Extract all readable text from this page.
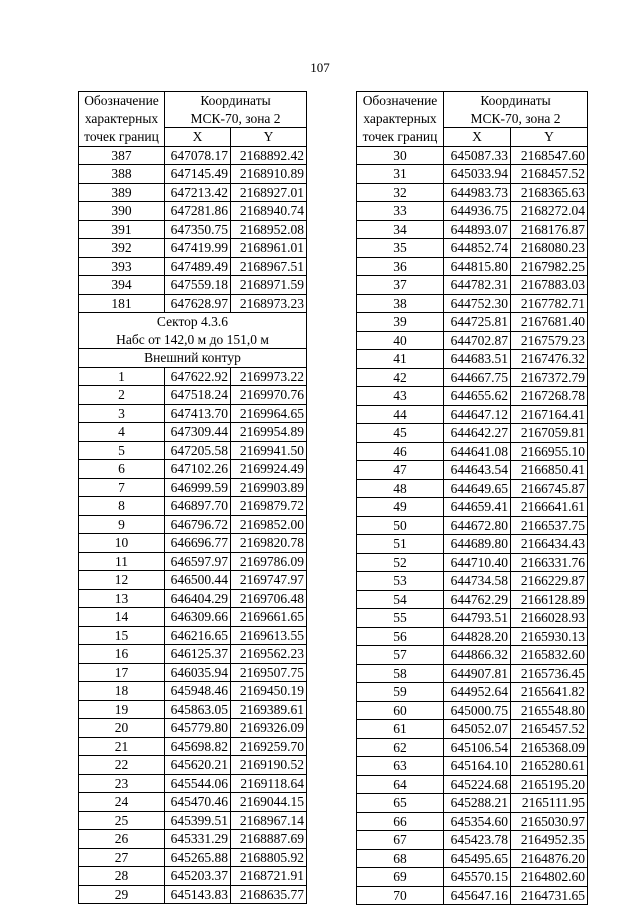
107
Обозначение	Координаты	
характерных	МСК-70, зона 2	
точек границ	X	Y
387	647078.17	2168892.42
388	647145.49	2168910.89
389	647213.42	2168927.01
390	647281.86	2168940.74
391	647350.75	2168952.08
392	647419.99	2168961.01
393	647489.49	2168967.51
394	647559.18	2168971.59
181	647628.97	2168973.23
Сектор 4.3.6		
Набс от 142,0 м до 151,0 м		
Внешний контур		
1	647622.92	2169973.22
2	647518.24	2169970.76
3	647413.70	2169964.65
4	647309.44	2169954.89
5	647205.58	2169941.50
6	647102.26	2169924.49
7	646999.59	2169903.89
8	646897.70	2169879.72
9	646796.72	2169852.00
10	646696.77	2169820.78
11	646597.97	2169786.09
12	646500.44	2169747.97
13	646404.29	2169706.48
14	646309.66	2169661.65
15	646216.65	2169613.55
16	646125.37	2169562.23
17	646035.94	2169507.75
18	645948.46	2169450.19
19	645863.05	2169389.61
20	645779.80	2169326.09
21	645698.82	2169259.70
22	645620.21	2169190.52
23	645544.06	2169118.64
24	645470.46	2169044.15
25	645399.51	2168967.14
26	645331.29	2168887.69
27	645265.88	2168805.92
28	645203.37	2168721.91
29	645143.83	2168635.77
Обозначение	Координаты	
характерных	МСК-70, зона 2	
точек границ	X	Y
30	645087.33	2168547.60
31	645033.94	2168457.52
32	644983.73	2168365.63
33	644936.75	2168272.04
34	644893.07	2168176.87
35	644852.74	2168080.23
36	644815.80	2167982.25
37	644782.31	2167883.03
38	644752.30	2167782.71
39	644725.81	2167681.40
40	644702.87	2167579.23
41	644683.51	2167476.32
42	644667.75	2167372.79
43	644655.62	2167268.78
44	644647.12	2167164.41
45	644642.27	2167059.81
46	644641.08	2166955.10
47	644643.54	2166850.41
48	644649.65	2166745.87
49	644659.41	2166641.61
50	644672.80	2166537.75
51	644689.80	2166434.43
52	644710.40	2166331.76
53	644734.58	2166229.87
54	644762.29	2166128.89
55	644793.51	2166028.93
56	644828.20	2165930.13
57	644866.32	2165832.60
58	644907.81	2165736.45
59	644952.64	2165641.82
60	645000.75	2165548.80
61	645052.07	2165457.52
62	645106.54	2165368.09
63	645164.10	2165280.61
64	645224.68	2165195.20
65	645288.21	2165111.95
66	645354.60	2165030.97
67	645423.78	2164952.35
68	645495.65	2164876.20
69	645570.15	2164802.60
70	645647.16	2164731.65
